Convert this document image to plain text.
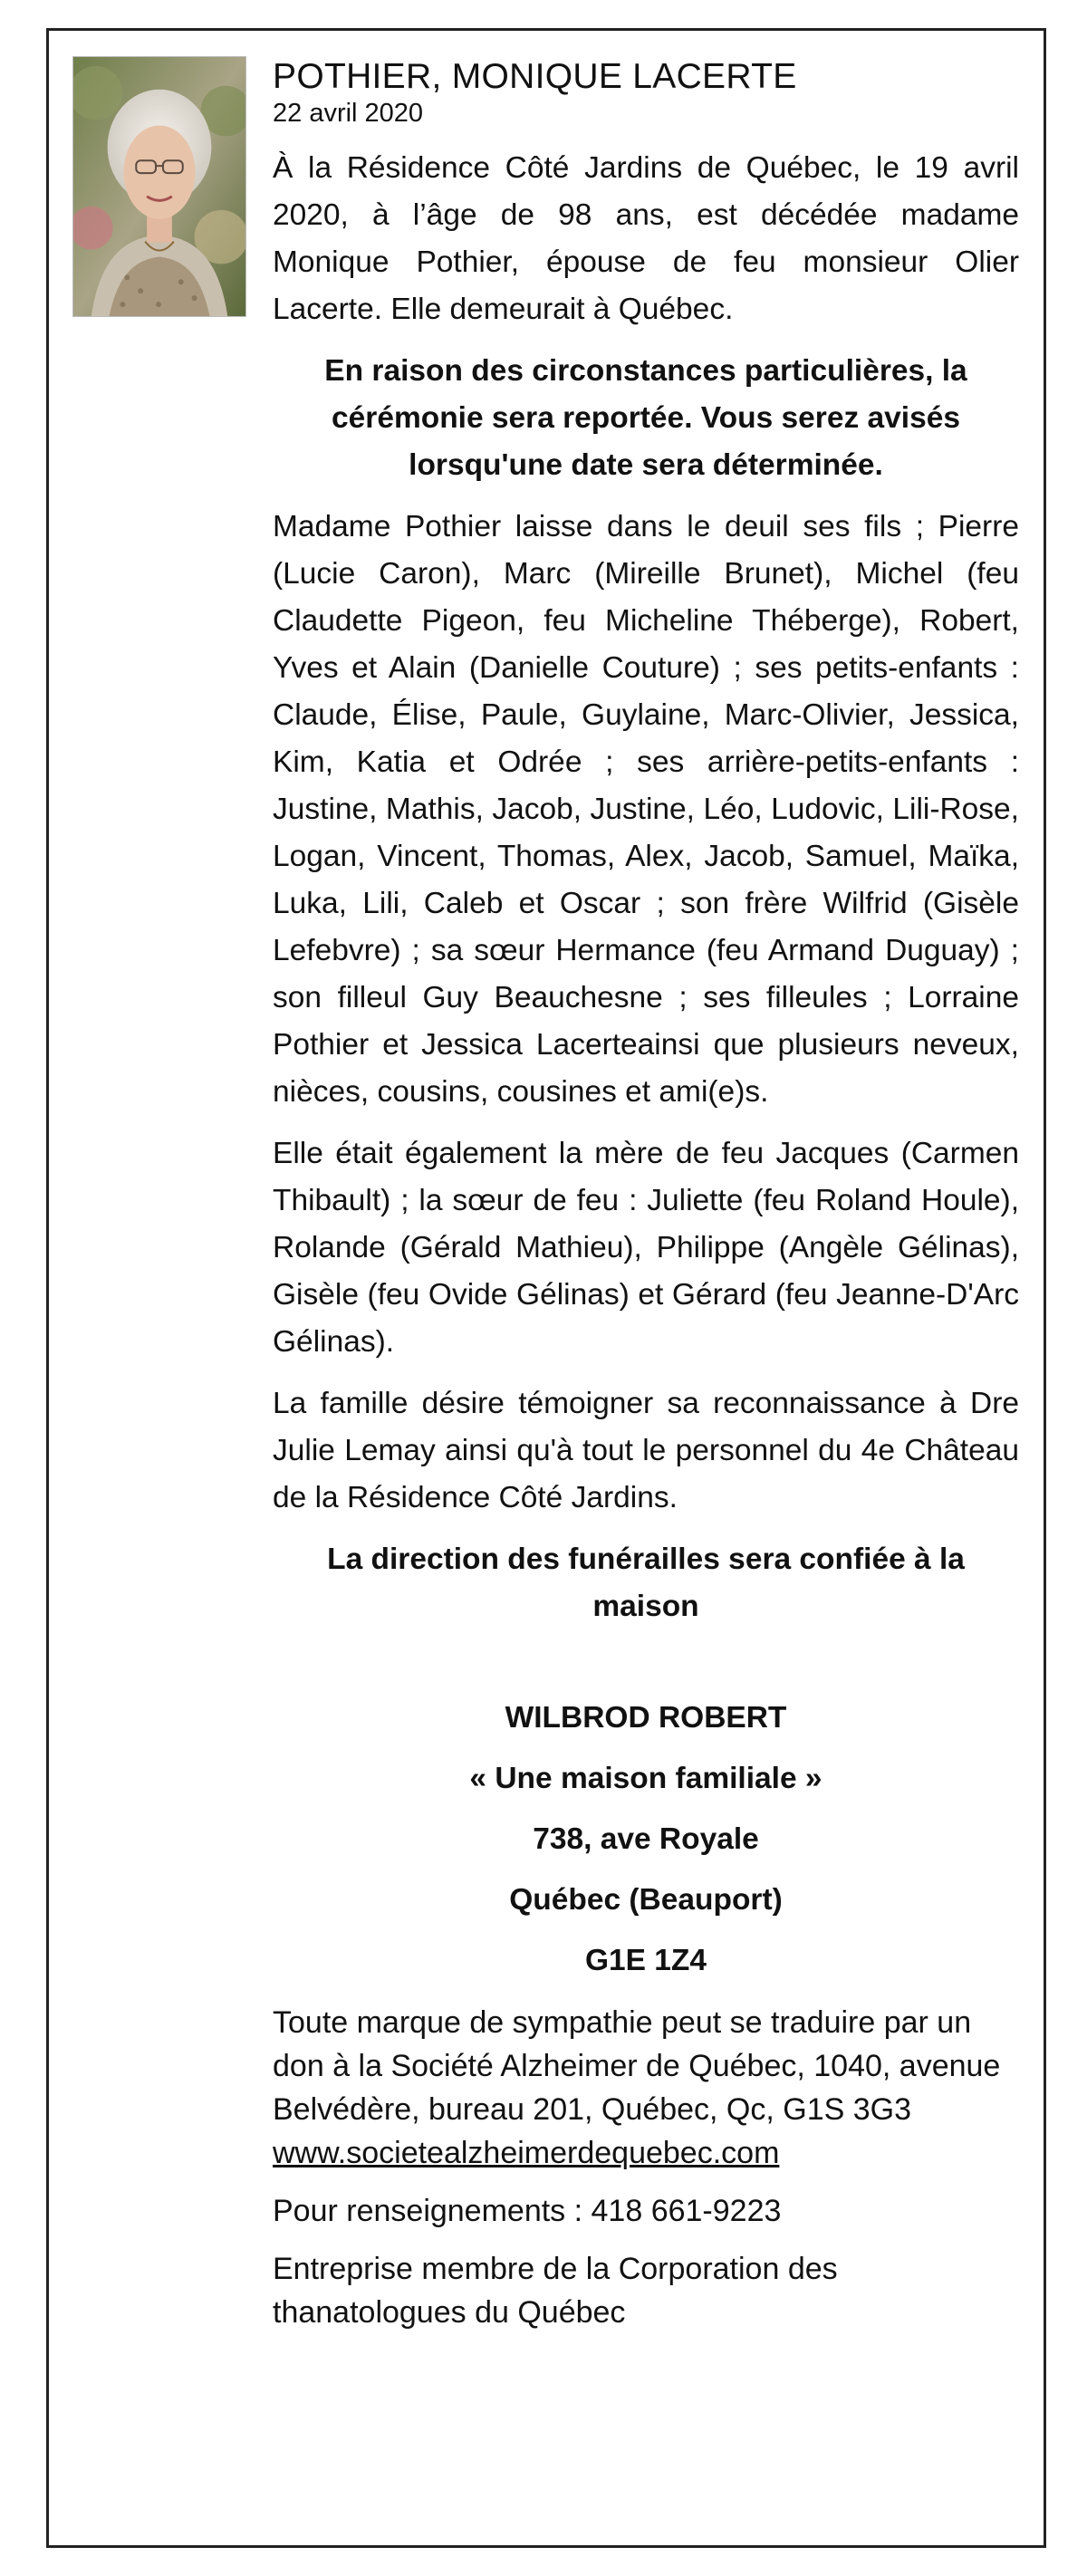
POTHIER, MONIQUE LACERTE
22 avril 2020

À la Résidence Côté Jardins de Québec, le 19 avril 2020, à l’âge de 98 ans, est décédée madame Monique Pothier, épouse de feu monsieur Olier Lacerte. Elle demeurait à Québec.

En raison des circonstances particulières, la cérémonie sera reportée. Vous serez avisés lorsqu'une date sera déterminée.

Madame Pothier laisse dans le deuil ses fils ; Pierre (Lucie Caron), Marc (Mireille Brunet), Michel (feu Claudette Pigeon, feu Micheline Théberge), Robert, Yves et Alain (Danielle Couture) ; ses petits-enfants : Claude, Élise, Paule, Guylaine, Marc-Olivier, Jessica, Kim, Katia et Odrée ; ses arrière-petits-enfants : Justine, Mathis, Jacob, Justine, Léo, Ludovic, Lili-Rose, Logan, Vincent, Thomas, Alex, Jacob, Samuel, Maïka, Luka, Lili, Caleb et Oscar ; son frère Wilfrid (Gisèle Lefebvre) ; sa sœur Hermance (feu Armand Duguay) ; son filleul Guy Beauchesne ; ses filleules ; Lorraine Pothier et Jessica Lacerteainsi que plusieurs neveux, nièces, cousins, cousines et ami(e)s.

Elle était également la mère de feu Jacques (Carmen Thibault) ; la sœur de feu : Juliette (feu Roland Houle), Rolande (Gérald Mathieu), Philippe (Angèle Gélinas), Gisèle (feu Ovide Gélinas) et Gérard (feu Jeanne-D'Arc Gélinas).

La famille désire témoigner sa reconnaissance à Dre Julie Lemay ainsi qu'à tout le personnel du 4e Château de la Résidence Côté Jardins.

La direction des funérailles sera confiée à la maison

WILBROD ROBERT
« Une maison familiale »
738, ave Royale
Québec (Beauport)
G1E 1Z4

Toute marque de sympathie peut se traduire par un don à la Société Alzheimer de Québec, 1040, avenue Belvédère, bureau 201, Québec, Qc, G1S 3G3 www.societealzheimerdequebec.com

Pour renseignements : 418 661-9223

Entreprise membre de la Corporation des thanatologues du Québec
